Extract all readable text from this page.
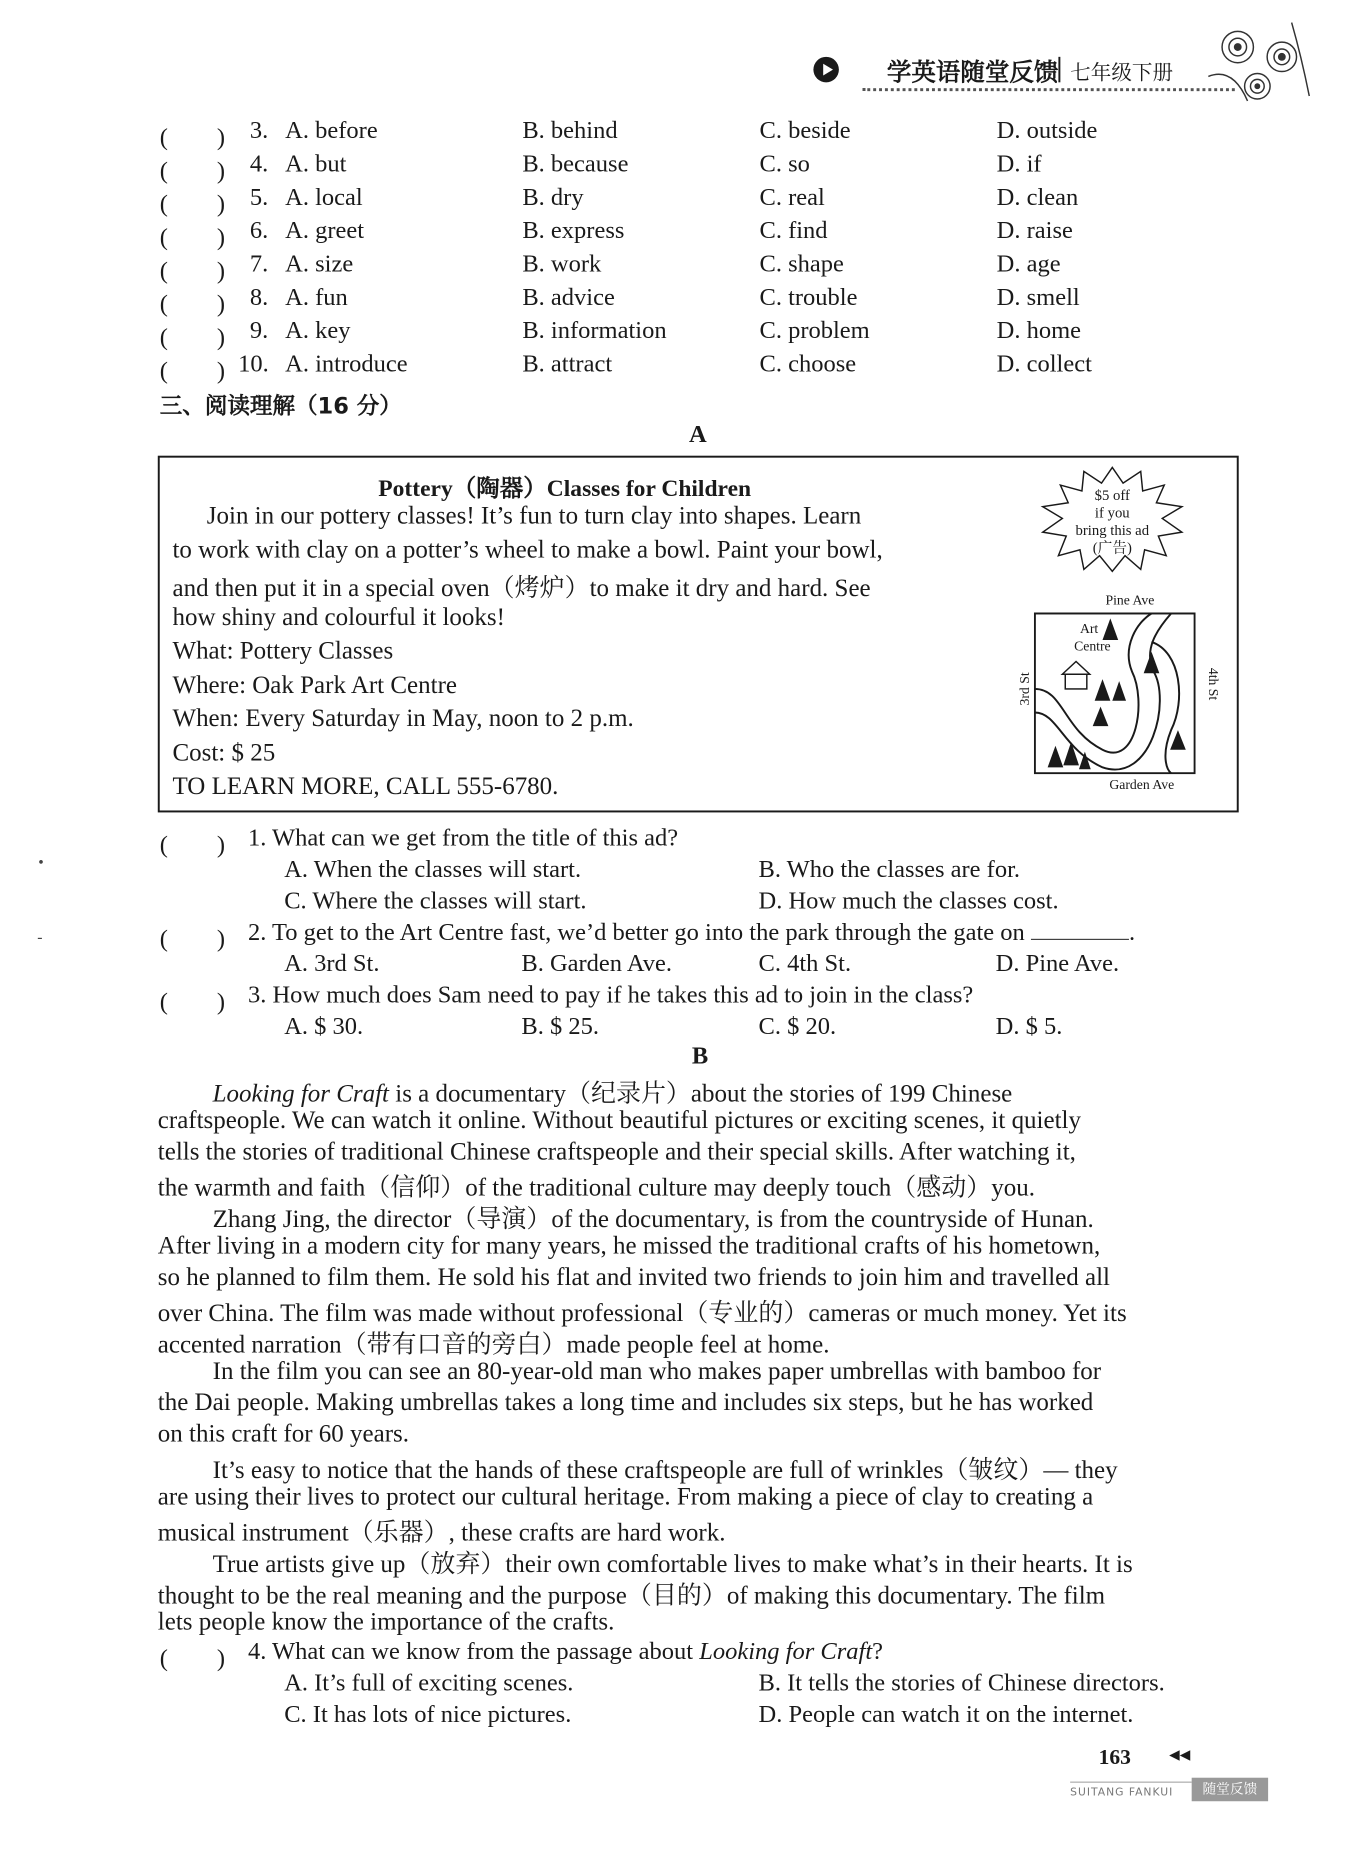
学英语随堂反馈 七年级下册
(　　) 3. A. before	B. behind	C. beside	D. outside
(　　) 4. A. but	B. because	C. so	D. if
(　　) 5. A. local	B. dry	C. real	D. clean
(　　) 6. A. greet	B. express	C. find	D. raise
(　　) 7. A. size	B. work	C. shape	D. age
(　　) 8. A. fun	B. advice	C. trouble	D. smell
(　　) 9. A. key	B. information	C. problem	D. home
(　　) 10. A. introduce	B. attract	C. choose	D. collect
三、阅读理解（16 分）
A
Pottery（陶器）Classes for Children
Join in our pottery classes! It’s fun to turn clay into shapes. Learn
to work with clay on a potter’s wheel to make a bowl. Paint your bowl,
and then put it in a special oven（烤炉）to make it dry and hard. See
how shiny and colourful it looks!
What: Pottery Classes
Where: Oak Park Art Centre
When: Every Saturday in May, noon to 2 p.m.
Cost: $ 25
TO LEARN MORE, CALL 555-6780.
$5 off
if you
bring this ad
(广告)
Pine Ave
Garden Ave
3rd St	4th St
Art
Centre
(　　) 1. What can we get from the title of this ad?
A. When the classes will start.	B. Who the classes are for.
C. Where the classes will start.	D. How much the classes cost.
(　　) 2. To get to the Art Centre fast, we’d better go into the park through the gate on	.
A. 3rd St.	B. Garden Ave.	C. 4th St.	D. Pine Ave.
(　　) 3. How much does Sam need to pay if he takes this ad to join in the class?
A. $ 30.	B. $ 25.	C. $ 20.	D. $ 5.
B
Looking for Craft is a documentary（纪录片）about the stories of 199 Chinese
craftspeople. We can watch it online. Without beautiful pictures or exciting scenes, it quietly
tells the stories of traditional Chinese craftspeople and their special skills. After watching it,
the warmth and faith（信仰）of the traditional culture may deeply touch（感动）you.
Zhang Jing, the director（导演）of the documentary, is from the countryside of Hunan.
After living in a modern city for many years, he missed the traditional crafts of his hometown,
so he planned to film them. He sold his flat and invited two friends to join him and travelled all
over China. The film was made without professional（专业的）cameras or much money. Yet its
accented narration（带有口音的旁白）made people feel at home.
In the film you can see an 80-year-old man who makes paper umbrellas with bamboo for
the Dai people. Making umbrellas takes a long time and includes six steps, but he has worked
on this craft for 60 years.
It’s easy to notice that the hands of these craftspeople are full of wrinkles（皱纹）— they
are using their lives to protect our cultural heritage. From making a piece of clay to creating a
musical instrument（乐器）, these crafts are hard work.
True artists give up（放弃）their own comfortable lives to make what’s in their hearts. It is
thought to be the real meaning and the purpose（目的）of making this documentary. The film
lets people know the importance of the crafts.
(　　) 4. What can we know from the passage about Looking for Craft?
A. It’s full of exciting scenes.	B. It tells the stories of Chinese directors.
C. It has lots of nice pictures.	D. People can watch it on the internet.
•
-
163	◀◀
SUITANG FANKUI	随堂反馈
